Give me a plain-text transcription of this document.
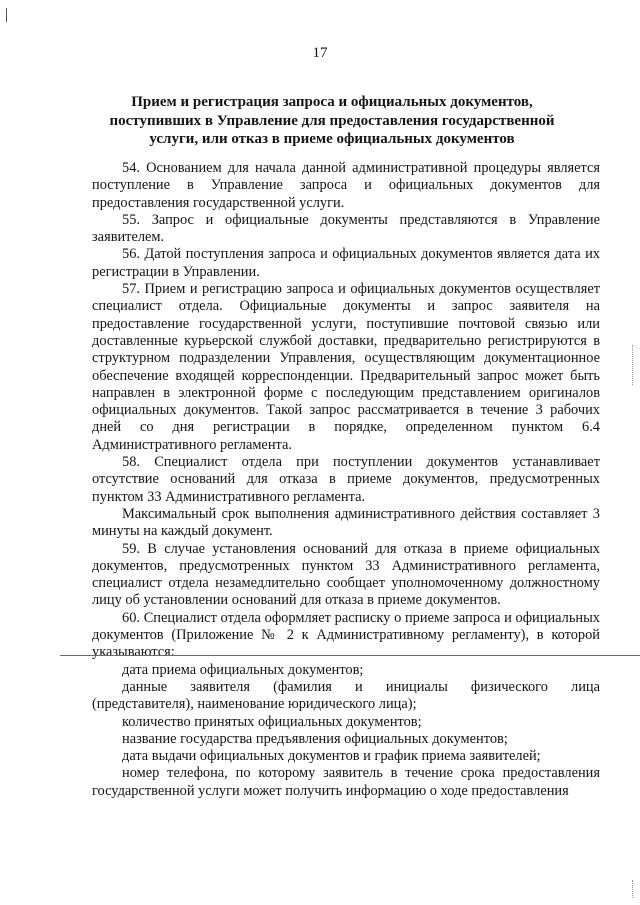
17
Прием и регистрация запроса и официальных документов,
поступивших в Управление для предоставления государственной
услуги, или отказ в приеме официальных документов

54. Основанием для начала данной административной процедуры является поступление в Управление запроса и официальных документов для предоставления государственной услуги.

55. Запрос и официальные документы представляются в Управление заявителем.

56. Датой поступления запроса и официальных документов является дата их регистрации в Управлении.

57. Прием и регистрацию запроса и официальных документов осуществляет специалист отдела. Официальные документы и запрос заявителя на предоставление государственной услуги, поступившие почтовой связью или доставленные курьерской службой доставки, предварительно регистрируются в структурном подразделении Управления, осуществляющим документационное обеспечение входящей корреспонденции. Предварительный запрос может быть направлен в электронной форме с последующим представлением оригиналов официальных документов. Такой запрос рассматривается в течение 3 рабочих дней со дня регистрации в порядке, определенном пунктом 6.4 Административного регламента.

58. Специалист отдела при поступлении документов устанавливает отсутствие оснований для отказа в приеме документов, предусмотренных пунктом 33 Административного регламента.

Максимальный срок выполнения административного действия составляет 3 минуты на каждый документ.

59. В случае установления оснований для отказа в приеме официальных документов, предусмотренных пунктом 33 Административного регламента, специалист отдела незамедлительно сообщает уполномоченному должностному лицу об установлении оснований для отказа в приеме документов.

60. Специалист отдела оформляет расписку о приеме запроса и официальных документов (Приложение № 2 к Административному регламенту), в которой указываются:

дата приема официальных документов;

данные заявителя (фамилия и инициалы физического лица

(представителя), наименование юридического лица);

количество принятых официальных документов;

название государства предъявления официальных документов;

дата выдачи официальных документов и график приема заявителей;

номер телефона, по которому заявитель в течение срока предоставления государственной услуги может получить информацию о ходе предоставления
